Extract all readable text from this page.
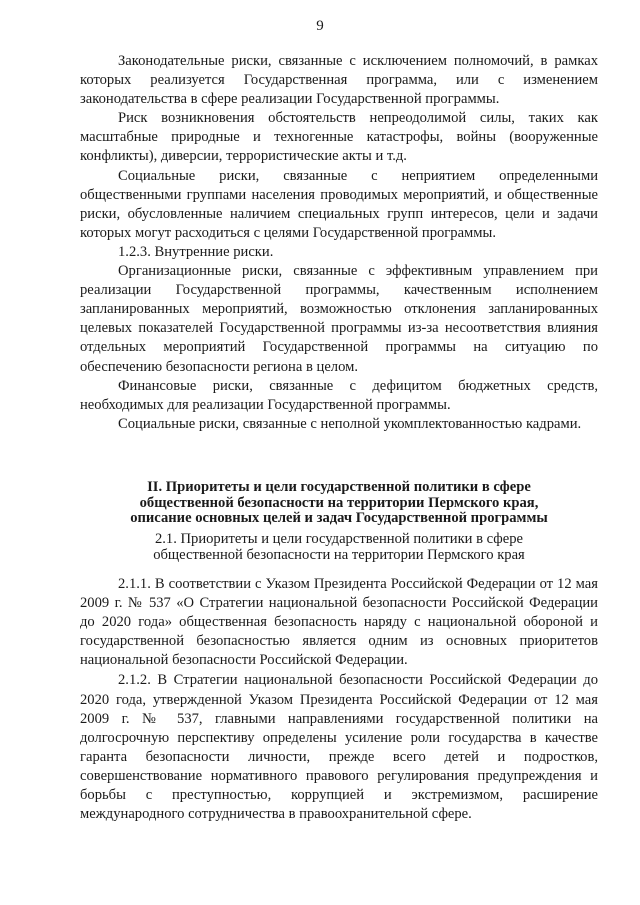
9

Законодательные риски, связанные с исключением полномочий, в рамках которых реализуется Государственная программа, или с изменением законодательства в сфере реализации Государственной программы.

Риск возникновения обстоятельств непреодолимой силы, таких как масштабные природные и техногенные катастрофы, войны (вооруженные конфликты), диверсии, террористические акты и т.д.

Социальные риски, связанные с неприятием определенными общественными группами населения проводимых мероприятий, и общественные риски, обусловленные наличием специальных групп интересов, цели и задачи которых могут расходиться с целями Государственной программы.

1.2.3. Внутренние риски.

Организационные риски, связанные с эффективным управлением при реализации Государственной программы, качественным исполнением запланированных мероприятий, возможностью отклонения запланированных целевых показателей Государственной программы из-за несоответствия влияния отдельных мероприятий Государственной программы на ситуацию по обеспечению безопасности региона в целом.

Финансовые риски, связанные с дефицитом бюджетных средств, необходимых для реализации Государственной программы.

Социальные риски, связанные с неполной укомплектованностью кадрами.

II. Приоритеты и цели государственной политики в сфере
общественной безопасности на территории Пермского края,
описание основных целей и задач Государственной программы
2.1. Приоритеты и цели государственной политики в сфере
общественной безопасности на территории Пермского края

2.1.1. В соответствии с Указом Президента Российской Федерации от 12 мая 2009 г. № 537 «О Стратегии национальной безопасности Российской Федерации до 2020 года» общественная безопасность наряду с национальной обороной и государственной безопасностью является одним из основных приоритетов национальной безопасности Российской Федерации.

2.1.2. В Стратегии национальной безопасности Российской Федерации до 2020 года, утвержденной Указом Президента Российской Федерации от 12 мая 2009 г. № 537, главными направлениями государственной политики на долгосрочную перспективу определены усиление роли государства в качестве гаранта безопасности личности, прежде всего детей и подростков, совершенствование нормативного правового регулирования предупреждения и борьбы с преступностью, коррупцией и экстремизмом, расширение международного сотрудничества в правоохранительной сфере.
